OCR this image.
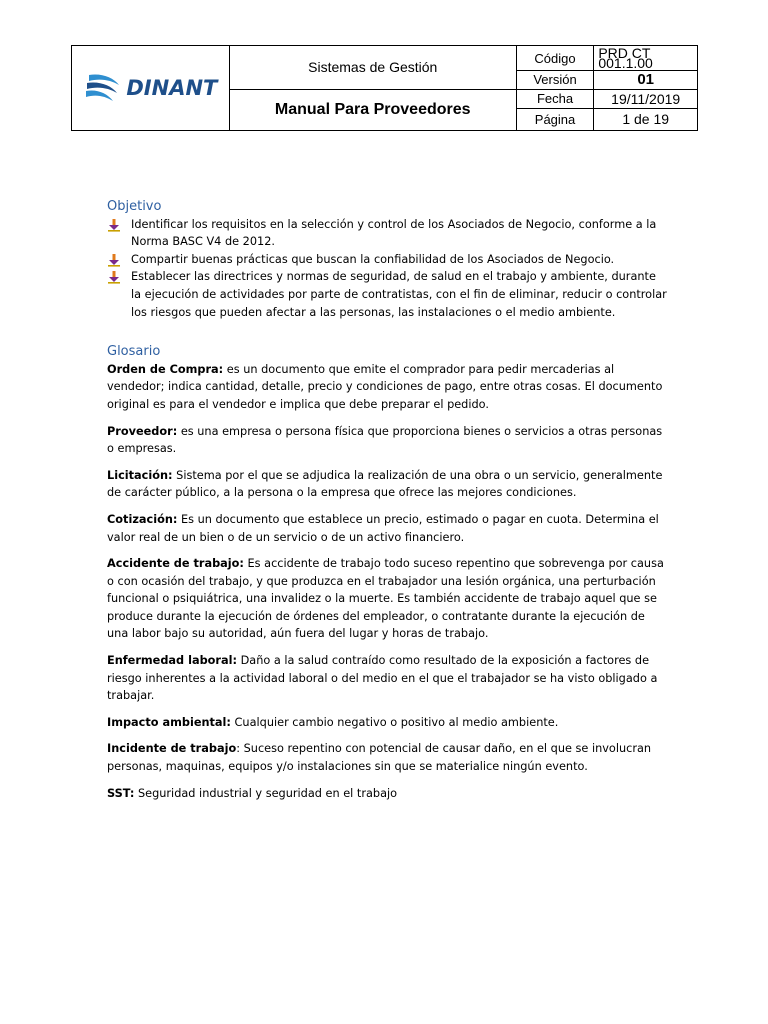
DINANT	Sistemas de Gestión	Código	PRD CT 001.1.00
		Versión	01
	Manual Para Proveedores	Fecha	19/11/2019
		Página	1 de 19
Objetivo
Identificar los requisitos en la selección y control de los Asociados de Negocio, conforme a la Norma BASC V4 de 2012.
Compartir buenas prácticas que buscan la confiabilidad de los Asociados de Negocio.
Establecer las directrices y normas de seguridad, de salud en el trabajo y ambiente, durante la ejecución de actividades por parte de contratistas, con el fin de eliminar, reducir o controlar los riesgos que pueden afectar a las personas, las instalaciones o el medio ambiente.
Glosario

Orden de Compra: es un documento que emite el comprador para pedir mercaderias al vendedor; indica cantidad, detalle, precio y condiciones de pago, entre otras cosas. El documento original es para el vendedor e implica que debe preparar el pedido.

Proveedor: es una empresa o persona física que proporciona bienes o servicios a otras personas o empresas.

Licitación: Sistema por el que se adjudica la realización de una obra o un servicio, generalmente de carácter público, a la persona o la empresa que ofrece las mejores condiciones.

Cotización: Es un documento que establece un precio, estimado o pagar en cuota. Determina el valor real de un bien o de un servicio o de un activo financiero.

Accidente de trabajo: Es accidente de trabajo todo suceso repentino que sobrevenga por causa o con ocasión del trabajo, y que produzca en el trabajador una lesión orgánica, una perturbación funcional o psiquiátrica, una invalidez o la muerte. Es también accidente de trabajo aquel que se produce durante la ejecución de órdenes del empleador, o contratante durante la ejecución de una labor bajo su autoridad, aún fuera del lugar y horas de trabajo.

Enfermedad laboral: Daño a la salud contraído como resultado de la exposición a factores de riesgo inherentes a la actividad laboral o del medio en el que el trabajador se ha visto obligado a trabajar.

Impacto ambiental: Cualquier cambio negativo o positivo al medio ambiente.

Incidente de trabajo: Suceso repentino con potencial de causar daño, en el que se involucran personas, maquinas, equipos y/o instalaciones sin que se materialice ningún evento.

SST: Seguridad industrial y seguridad en el trabajo
